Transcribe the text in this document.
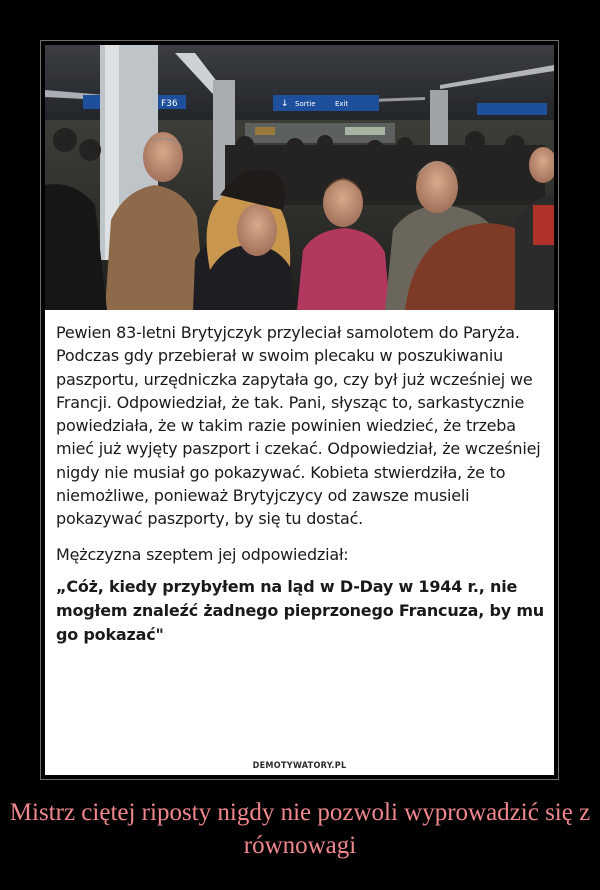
F36	↓ Sortie	Exit

Pewien 83-letni Brytyjczyk przyleciał samolotem do Paryża. Podczas gdy przebierał w swoim plecaku w poszukiwaniu paszportu, urzędniczka zapytała go, czy był już wcześniej we Francji. Odpowiedział, że tak. Pani, słysząc to, sarkastycznie powiedziała, że w takim razie powinien wiedzieć, że trzeba mieć już wyjęty paszport i czekać. Odpowiedział, że wcześniej nigdy nie musiał go pokazywać. Kobieta stwierdziła, że to niemożliwe, ponieważ Brytyjczycy od zawsze musieli pokazywać paszporty, by się tu dostać.

Mężczyzna szeptem jej odpowiedział:

„Cóż, kiedy przybyłem na ląd w D-Day w 1944 r., nie mogłem znaleźć żadnego pieprzonego Francuza, by mu go pokazać"

DEMOTYWATORY.PL
Mistrz ciętej riposty nigdy nie pozwoli wyprowadzić się z równowagi
